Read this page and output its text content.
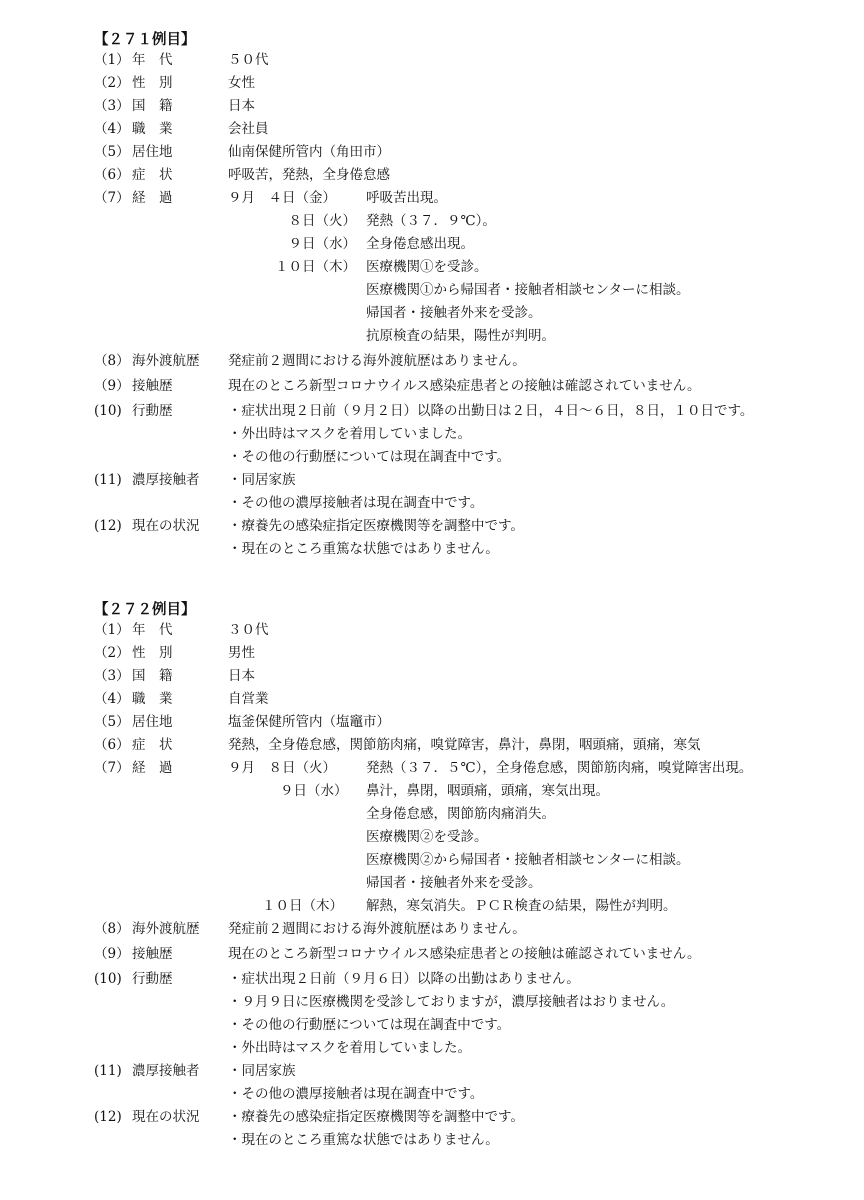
【２７１例目】
（1） 年　代	５０代
（2） 性　別	女性
（3） 国　籍	日本
（4） 職　業	会社員
（5） 居住地	仙南保健所管内（角田市）
（6） 症　状	呼吸苦，発熱，全身倦怠感
（7） 経　過	９月　４日（金）	呼吸苦出現。
８日（火） 発熱（３７．９℃）。
９日（水） 全身倦怠感出現。
１０日（木） 医療機関①を受診。
医療機関①から帰国者・接触者相談センターに相談。
帰国者・接触者外来を受診。
抗原検査の結果，陽性が判明。
（8） 海外渡航歴	発症前２週間における海外渡航歴はありません。
（9） 接触歴	現在のところ新型コロナウイルス感染症患者との接触は確認されていません。
(10) 行動歴	・症状出現２日前（９月２日）以降の出勤日は２日，４日～６日，８日，１０日です。
・外出時はマスクを着用していました。
・その他の行動歴については現在調査中です。
(11) 濃厚接触者	・同居家族
・その他の濃厚接触者は現在調査中です。
(12) 現在の状況	・療養先の感染症指定医療機関等を調整中です。
・現在のところ重篤な状態ではありません。
【２７２例目】
（1） 年　代	３０代
（2） 性　別	男性
（3） 国　籍	日本
（4） 職　業	自営業
（5） 居住地	塩釜保健所管内（塩竈市）
（6） 症　状	発熱，全身倦怠感，関節筋肉痛，嗅覚障害，鼻汁，鼻閉，咽頭痛，頭痛，寒気
（7） 経　過	９月　８日（火）	発熱（３７．５℃），全身倦怠感，関節筋肉痛，嗅覚障害出現。
９日（水）	鼻汁，鼻閉，咽頭痛，頭痛，寒気出現。
全身倦怠感，関節筋肉痛消失。
医療機関②を受診。
医療機関②から帰国者・接触者相談センターに相談。
帰国者・接触者外来を受診。
１０日（木）	解熱，寒気消失。ＰＣＲ検査の結果，陽性が判明。
（8） 海外渡航歴	発症前２週間における海外渡航歴はありません。
（9） 接触歴	現在のところ新型コロナウイルス感染症患者との接触は確認されていません。
(10) 行動歴	・症状出現２日前（９月６日）以降の出勤はありません。
・９月９日に医療機関を受診しておりますが，濃厚接触者はおりません。
・その他の行動歴については現在調査中です。
・外出時はマスクを着用していました。
(11) 濃厚接触者	・同居家族
・その他の濃厚接触者は現在調査中です。
(12) 現在の状況	・療養先の感染症指定医療機関等を調整中です。
・現在のところ重篤な状態ではありません。
